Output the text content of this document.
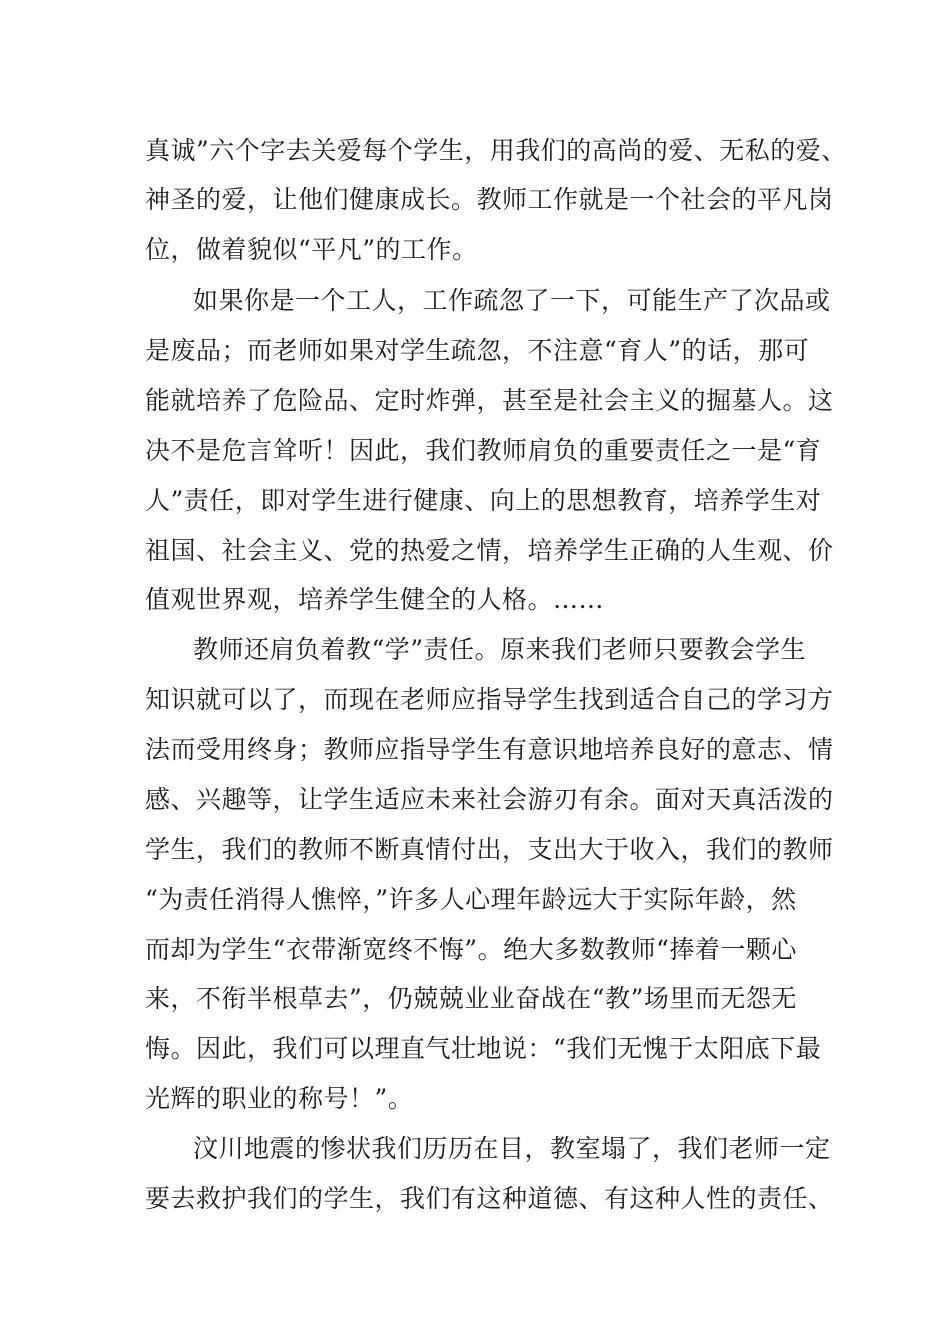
真诚”六个字去关爱每个学生，用我们的高尚的爱、无私的爱、
神圣的爱，让他们健康成长。教师工作就是一个社会的平凡岗
位，做着貌似“平凡”的工作。
如果你是一个工人，工作疏忽了一下，可能生产了次品或
是废品；而老师如果对学生疏忽，不注意“育人”的话，那可
能就培养了危险品、定时炸弹，甚至是社会主义的掘墓人。这
决不是危言耸听！因此，我们教师肩负的重要责任之一是“育
人”责任，即对学生进行健康、向上的思想教育，培养学生对
祖国、社会主义、党的热爱之情，培养学生正确的人生观、价
值观世界观，培养学生健全的人格。……
教师还肩负着教“学”责任。原来我们老师只要教会学生
知识就可以了，而现在老师应指导学生找到适合自己的学习方
法而受用终身；教师应指导学生有意识地培养良好的意志、情
感、兴趣等，让学生适应未来社会游刃有余。面对天真活泼的
学生，我们的教师不断真情付出，支出大于收入，我们的教师
“为责任消得人憔悴，”许多人心理年龄远大于实际年龄，然
而却为学生“衣带渐宽终不悔”。绝大多数教师“捧着一颗心
来，不衔半根草去”，仍兢兢业业奋战在“教”场里而无怨无
悔。因此，我们可以理直气壮地说：“我们无愧于太阳底下最
光辉的职业的称号！”。
汶川地震的惨状我们历历在目，教室塌了，我们老师一定
要去救护我们的学生，我们有这种道德、有这种人性的责任、
